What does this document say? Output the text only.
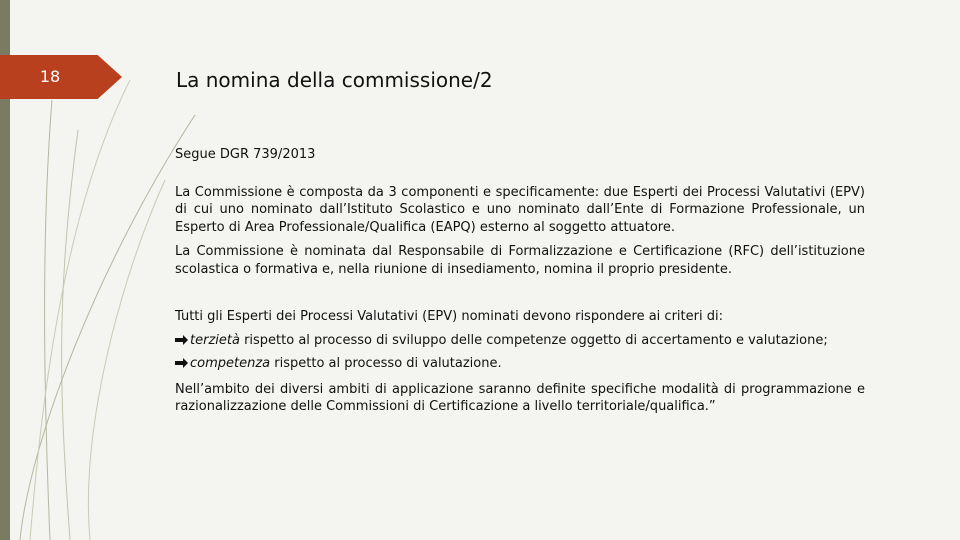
18	La nomina della commissione/2

Segue DGR 739/2013

La Commissione è composta da 3 componenti e specificamente: due Esperti dei Processi Valutativi (EPV) di cui uno nominato dall’Istituto Scolastico e uno nominato dall’Ente di Formazione Professionale, un Esperto di Area Professionale/Qualifica (EAPQ) esterno al soggetto attuatore.

La Commissione è nominata dal Responsabile di Formalizzazione e Certificazione (RFC) dell’istituzione scolastica o formativa e, nella riunione di insediamento, nomina il proprio presidente.

Tutti gli Esperti dei Processi Valutativi (EPV) nominati devono rispondere ai criteri di:

terzietà rispetto al processo di sviluppo delle competenze oggetto di accertamento e valutazione;

competenza rispetto al processo di valutazione.

Nell’ambito dei diversi ambiti di applicazione saranno definite specifiche modalità di programmazione e razionalizzazione delle Commissioni di Certificazione a livello territoriale/qualifica.”
